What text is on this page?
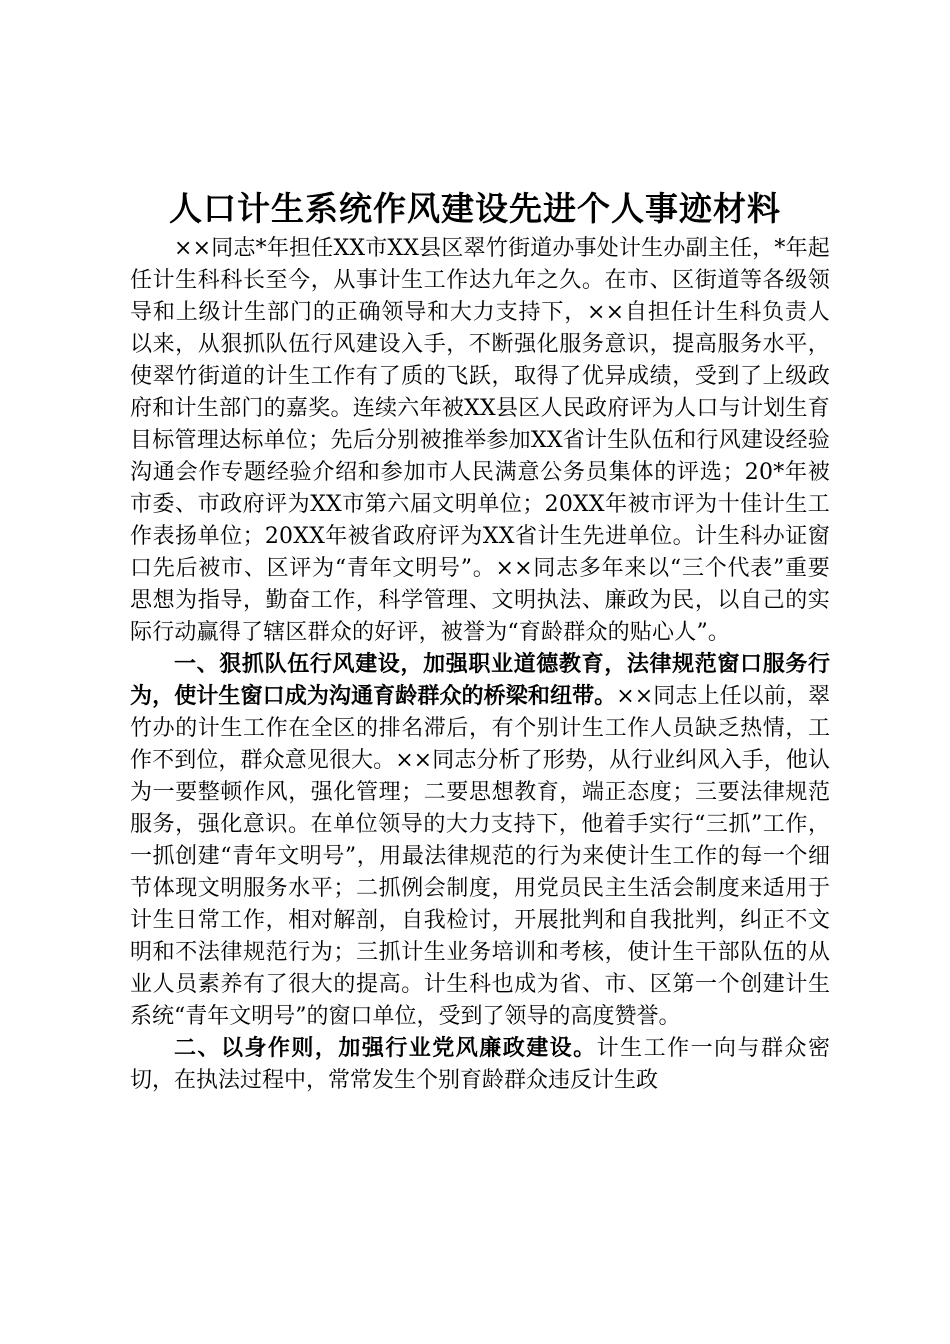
人口计生系统作风建设先进个人事迹材料

××同志*年担任XX市XX县区翠竹街道办事处计生办副主任，*年起任计生科科长至今，从事计生工作达九年之久。在市、区街道等各级领导和上级计生部门的正确领导和大力支持下，××自担任计生科负责人以来，从狠抓队伍行风建设入手，不断强化服务意识，提高服务水平，使翠竹街道的计生工作有了质的飞跃，取得了优异成绩，受到了上级政府和计生部门的嘉奖。连续六年被XX县区人民政府评为人口与计划生育目标管理达标单位；先后分别被推举参加XX省计生队伍和行风建设经验沟通会作专题经验介绍和参加市人民满意公务员集体的评选；20*年被市委、市政府评为XX市第六届文明单位；20XX年被市评为十佳计生工作表扬单位；20XX年被省政府评为XX省计生先进单位。计生科办证窗口先后被市、区评为“青年文明号”。××同志多年来以“三个代表”重要思想为指导，勤奋工作，科学管理、文明执法、廉政为民，以自己的实际行动赢得了辖区群众的好评，被誉为“育龄群众的贴心人”。

一、狠抓队伍行风建设，加强职业道德教育，法律规范窗口服务行为，使计生窗口成为沟通育龄群众的桥梁和纽带。××同志上任以前，翠竹办的计生工作在全区的排名滞后，有个别计生工作人员缺乏热情，工作不到位，群众意见很大。××同志分析了形势，从行业纠风入手，他认为一要整顿作风，强化管理；二要思想教育，端正态度；三要法律规范服务，强化意识。在单位领导的大力支持下，他着手实行“三抓”工作，一抓创建“青年文明号”，用最法律规范的行为来使计生工作的每一个细节体现文明服务水平；二抓例会制度，用党员民主生活会制度来适用于计生日常工作，相对解剖，自我检讨，开展批判和自我批判，纠正不文明和不法律规范行为；三抓计生业务培训和考核，使计生干部队伍的从业人员素养有了很大的提高。计生科也成为省、市、区第一个创建计生系统“青年文明号”的窗口单位，受到了领导的高度赞誉。

二、以身作则，加强行业党风廉政建设。计生工作一向与群众密切，在执法过程中，常常发生个别育龄群众违反计生政
